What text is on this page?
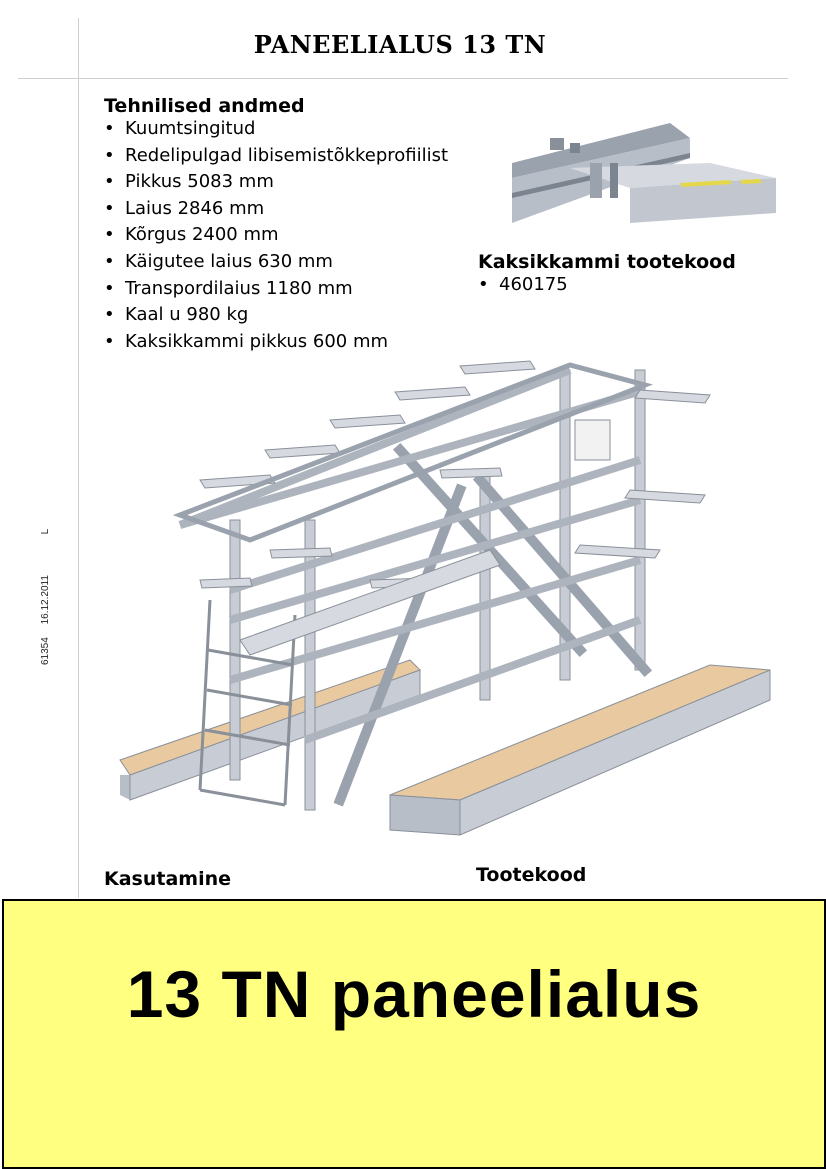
PANEELIALUS 13 TN
61354 16.12.2011 L
Tehnilised andmed
• Kuumtsingitud
• Redelipulgad libisemistõkkeprofiilist
• Pikkus 5083 mm
• Laius 2846 mm
• Kõrgus 2400 mm
• Käigutee laius 630 mm
• Transpordilaius 1180 mm
• Kaal u 980 kg
• Kaksikkammi pikkus 600 mm
Kaksikkammi tootekood
• 460175
Kasutamine	Tootekood
13 TN paneelialus
